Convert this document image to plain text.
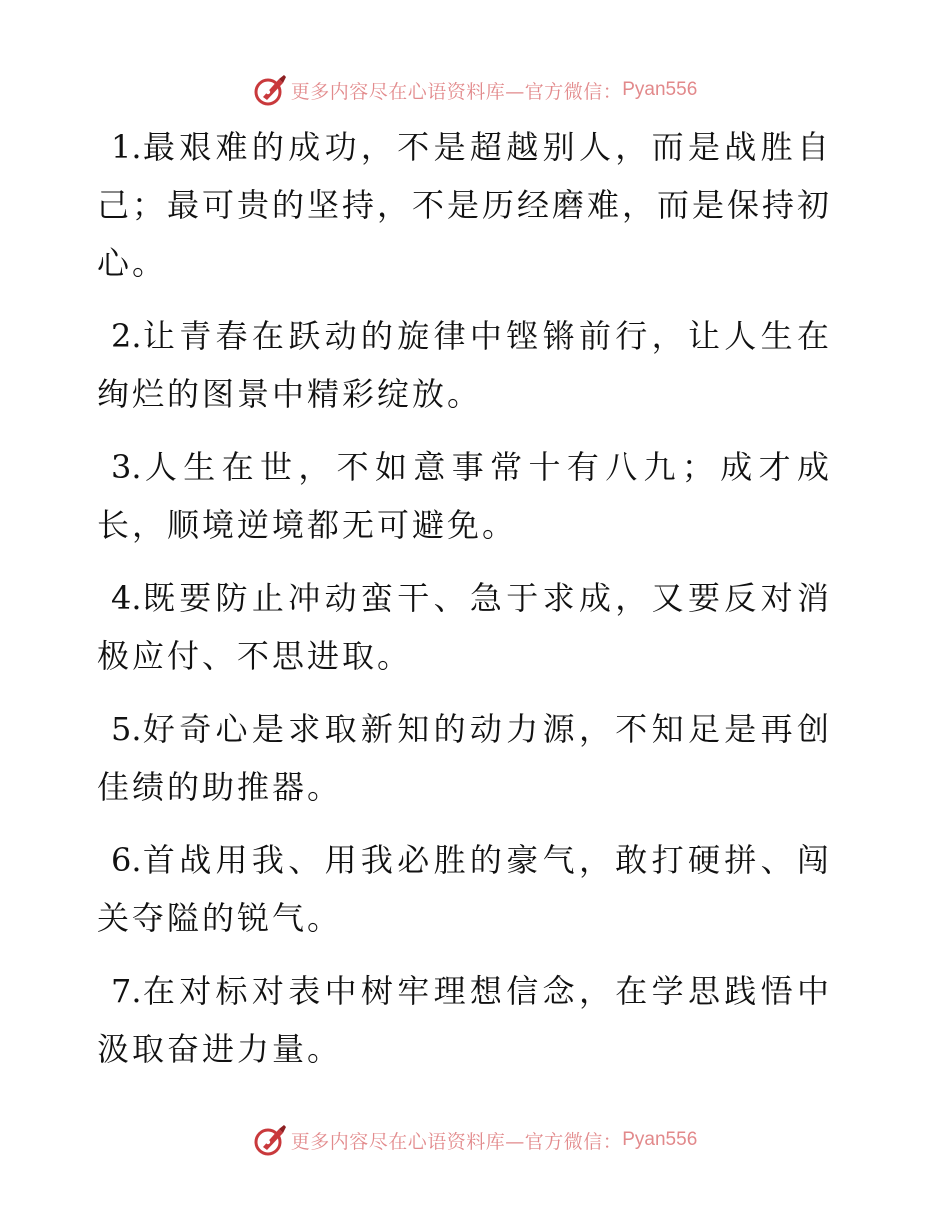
更多内容尽在心语资料库—官方微信： Pyan556

1.最艰难的成功，不是超越别人，而是战胜自己；最可贵的坚持，不是历经磨难，而是保持初心。

2.让青春在跃动的旋律中铿锵前行，让人生在绚烂的图景中精彩绽放。

3.人生在世，不如意事常十有八九；成才成长，顺境逆境都无可避免。

4.既要防止冲动蛮干、急于求成，又要反对消极应付、不思进取。

5.好奇心是求取新知的动力源，不知足是再创佳绩的助推器。

6.首战用我、用我必胜的豪气，敢打硬拼、闯关夺隘的锐气。

7.在对标对表中树牢理想信念，在学思践悟中汲取奋进力量。

更多内容尽在心语资料库—官方微信： Pyan556
